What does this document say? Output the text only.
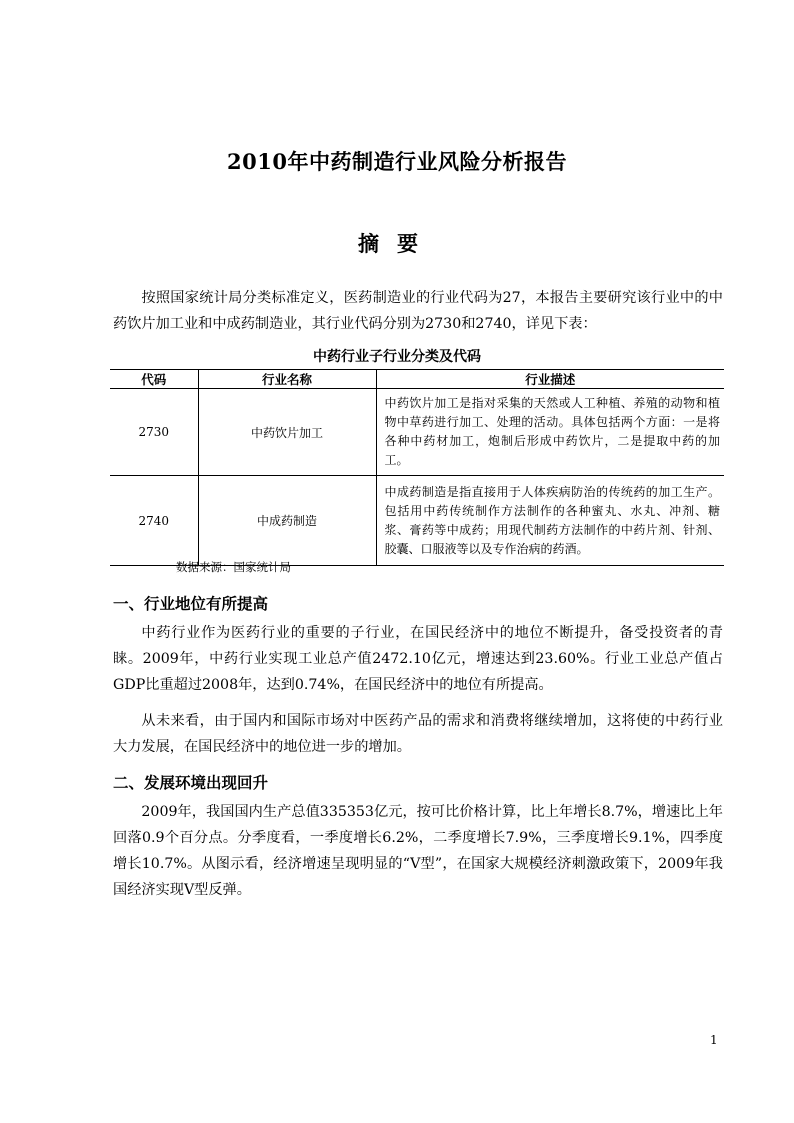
2010年中药制造行业风险分析报告
摘要
按照国家统计局分类标准定义，医药制造业的行业代码为27，本报告主要研究该行业中的中药饮片加工业和中成药制造业，其行业代码分别为2730和2740，详见下表：
中药行业子行业分类及代码
代码	行业名称	行业描述
2730	中药饮片加工	中药饮片加工是指对采集的天然或人工种植、养殖的动物和植物中草药进行加工、处理的活动。具体包括两个方面：一是将各种中药材加工，炮制后形成中药饮片，二是提取中药的加工。
2740	中成药制造	中成药制造是指直接用于人体疾病防治的传统药的加工生产。包括用中药传统制作方法制作的各种蜜丸、水丸、冲剂、糖浆、膏药等中成药；用现代制药方法制作的中药片剂、针剂、胶囊、口服液等以及专作治病的药酒。
数据来源：国家统计局
一、行业地位有所提高
中药行业作为医药行业的重要的子行业，在国民经济中的地位不断提升，备受投资者的青睐。2009年，中药行业实现工业总产值2472.10亿元，增速达到23.60%。行业工业总产值占GDP比重超过2008年，达到0.74%，在国民经济中的地位有所提高。
从未来看，由于国内和国际市场对中医药产品的需求和消费将继续增加，这将使的中药行业大力发展，在国民经济中的地位进一步的增加。
二、发展环境出现回升
2009年，我国国内生产总值335353亿元，按可比价格计算，比上年增长8.7%，增速比上年回落0.9个百分点。分季度看，一季度增长6.2%，二季度增长7.9%，三季度增长9.1%，四季度增长10.7%。从图示看，经济增速呈现明显的“V型”，在国家大规模经济刺激政策下，2009年我国经济实现V型反弹。
1
